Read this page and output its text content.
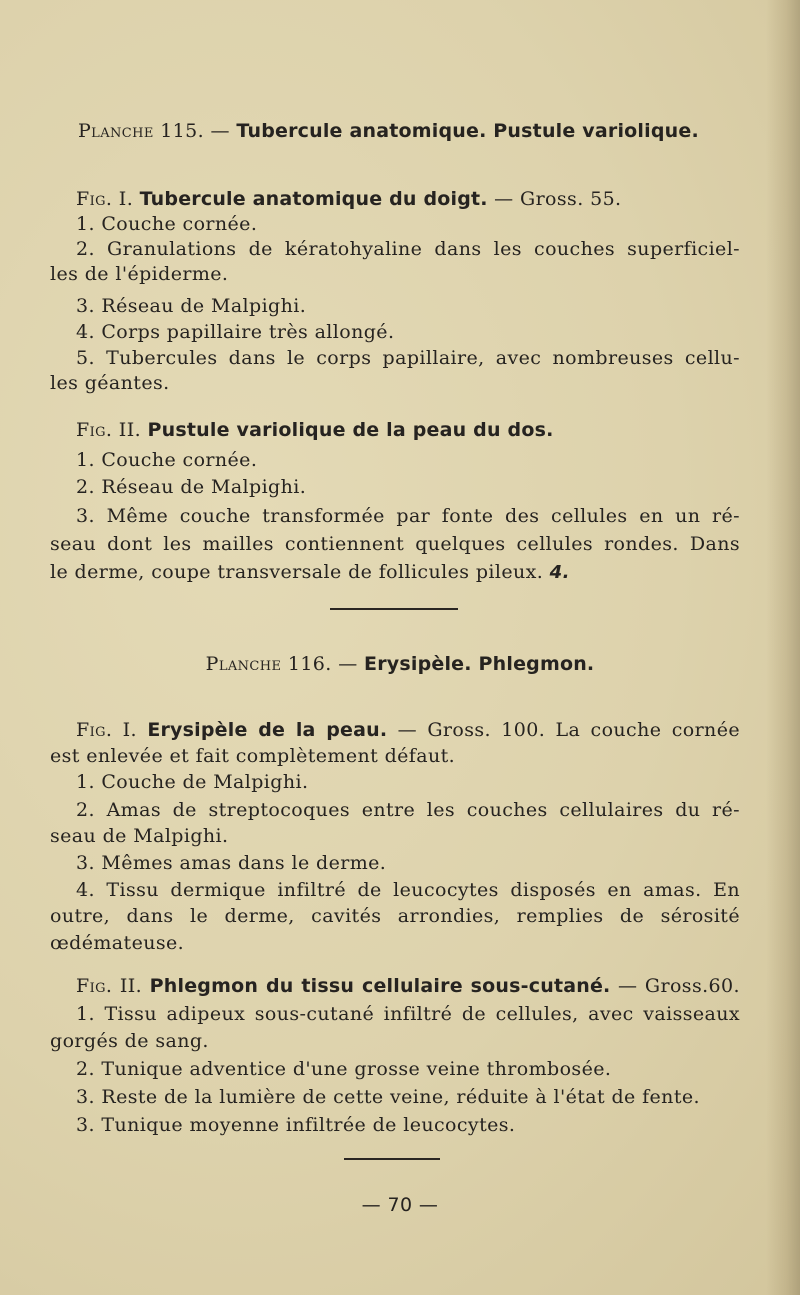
Planche 115. — Tubercule anatomique. Pustule variolique.
Fig. I. Tubercule anatomique du doigt. — Gross. 55.
1. Couche cornée.
2. Granulations de kératohyaline dans les couches superficiel-
les de l'épiderme.
3. Réseau de Malpighi.
4. Corps papillaire très allongé.
5. Tubercules dans le corps papillaire, avec nombreuses cellu-
les géantes.
Fig. II. Pustule variolique de la peau du dos.
1. Couche cornée.
2. Réseau de Malpighi.
3. Même couche transformée par fonte des cellules en un ré-
seau dont les mailles contiennent quelques cellules rondes. Dans
le derme, coupe transversale de follicules pileux. 4.
Planche 116. — Erysipèle. Phlegmon.
Fig. I. Erysipèle de la peau. — Gross. 100. La couche cornée
est enlevée et fait complètement défaut.
1. Couche de Malpighi.
2. Amas de streptocoques entre les couches cellulaires du ré-
seau de Malpighi.
3. Mêmes amas dans le derme.
4. Tissu dermique infiltré de leucocytes disposés en amas. En
outre, dans le derme, cavités arrondies, remplies de sérosité
œdémateuse.
Fig. II. Phlegmon du tissu cellulaire sous-cutané. — Gross.60.
1. Tissu adipeux sous-cutané infiltré de cellules, avec vaisseaux
gorgés de sang.
2. Tunique adventice d'une grosse veine thrombosée.
3. Reste de la lumière de cette veine, réduite à l'état de fente.
3. Tunique moyenne infiltrée de leucocytes.
— 70 —
